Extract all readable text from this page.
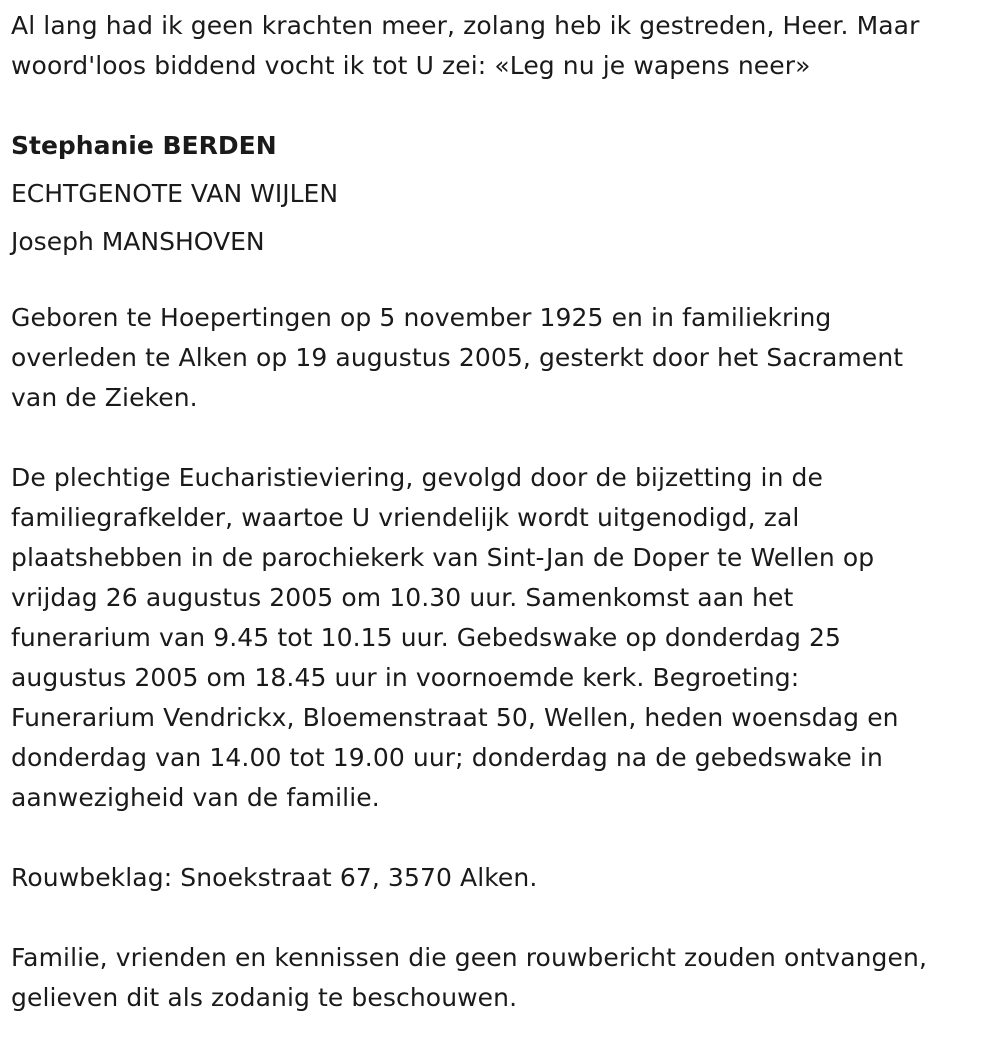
Al lang had ik geen krachten meer, zolang heb ik gestreden, Heer. Maar
woord'loos biddend vocht ik tot U zei: «Leg nu je wapens neer»
Stephanie BERDEN
ECHTGENOTE VAN WIJLEN
Joseph MANSHOVEN
Geboren te Hoepertingen op 5 november 1925 en in familiekring
overleden te Alken op 19 augustus 2005, gesterkt door het Sacrament
van de Zieken.
De plechtige Eucharistieviering, gevolgd door de bijzetting in de
familiegrafkelder, waartoe U vriendelijk wordt uitgenodigd, zal
plaatshebben in de parochiekerk van Sint-Jan de Doper te Wellen op
vrijdag 26 augustus 2005 om 10.30 uur. Samenkomst aan het
funerarium van 9.45 tot 10.15 uur. Gebedswake op donderdag 25
augustus 2005 om 18.45 uur in voornoemde kerk. Begroeting:
Funerarium Vendrickx, Bloemenstraat 50, Wellen, heden woensdag en
donderdag van 14.00 tot 19.00 uur; donderdag na de gebedswake in
aanwezigheid van de familie.
Rouwbeklag: Snoekstraat 67, 3570 Alken.
Familie, vrienden en kennissen die geen rouwbericht zouden ontvangen,
gelieven dit als zodanig te beschouwen.
